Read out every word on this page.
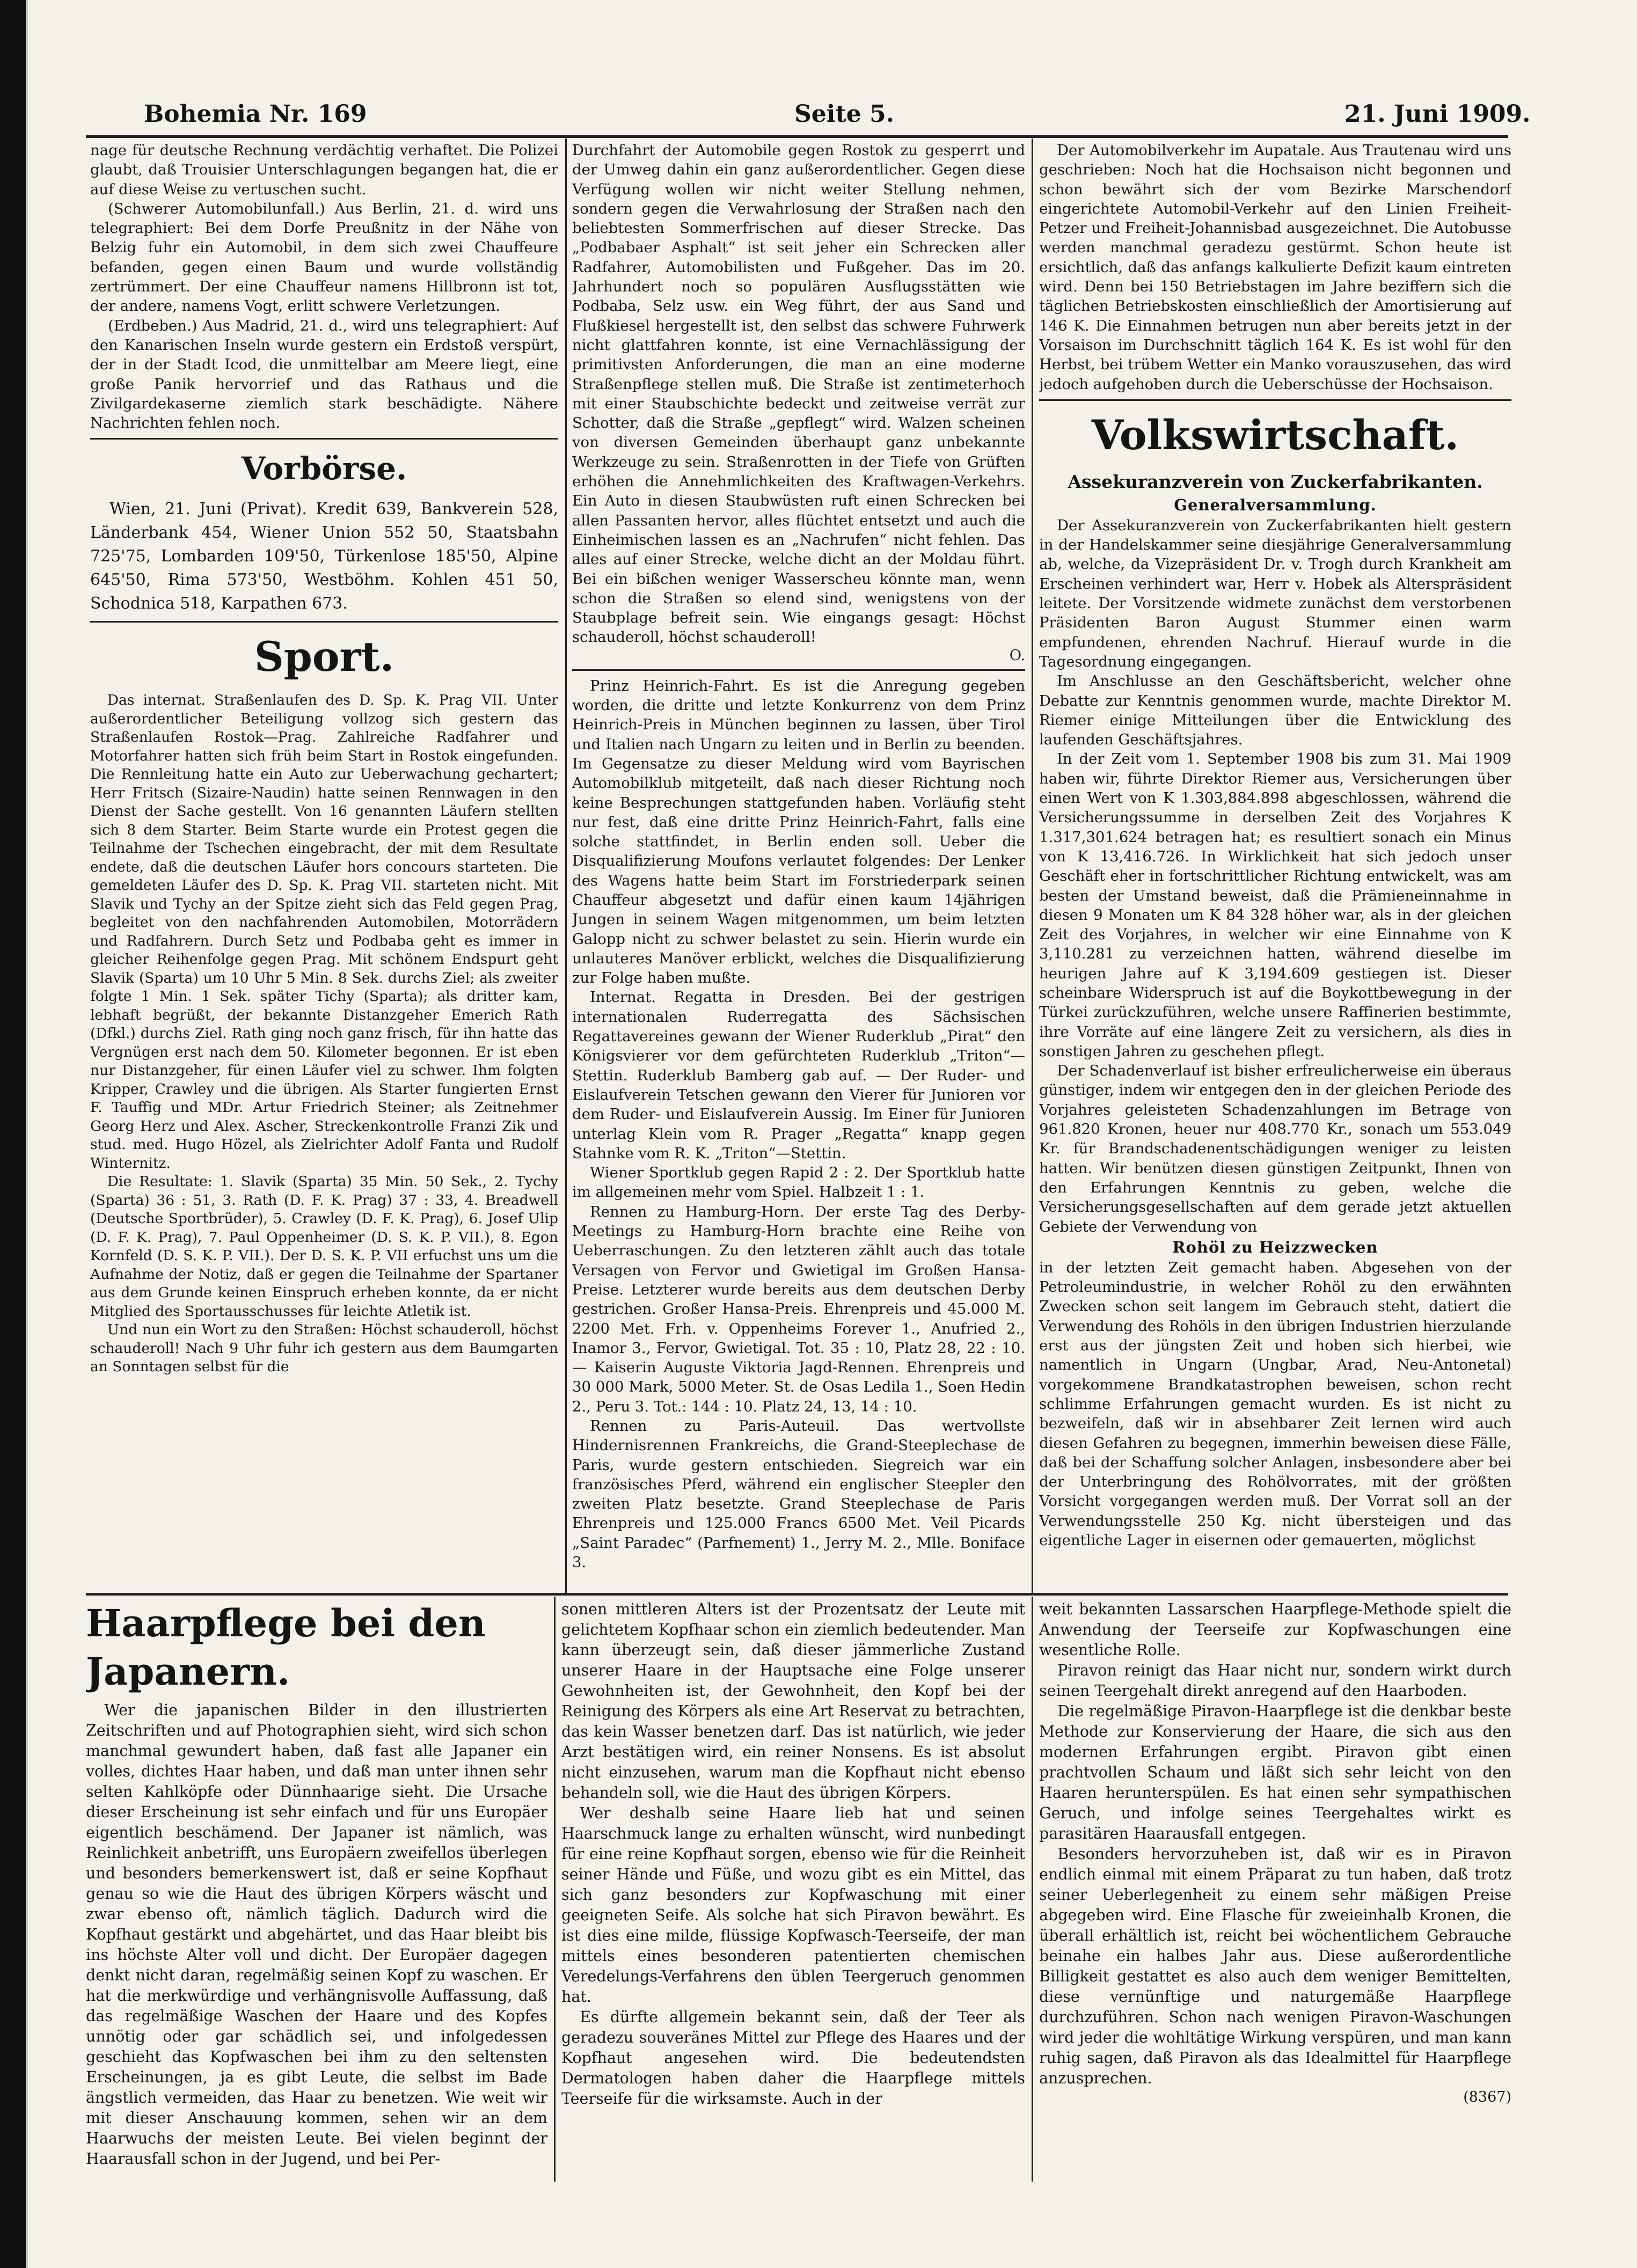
Bohemia Nr. 169	Seite 5.	21. Juni 1909.

nage für deutsche Rechnung verdächtig verhaftet. Die Polizei glaubt, daß Trouisier Unterschlagungen begangen hat, die er auf diese Weise zu vertuschen sucht.

(Schwerer Automobilunfall.) Aus Berlin, 21. d. wird uns telegraphiert: Bei dem Dorfe Preußnitz in der Nähe von Belzig fuhr ein Automobil, in dem sich zwei Chauffeure befanden, gegen einen Baum und wurde vollständig zertrümmert. Der eine Chauffeur namens Hillbronn ist tot, der andere, namens Vogt, erlitt schwere Verletzungen.

(Erdbeben.) Aus Madrid, 21. d., wird uns telegraphiert: Auf den Kanarischen Inseln wurde gestern ein Erdstoß verspürt, der in der Stadt Icod, die unmittelbar am Meere liegt, eine große Panik hervorrief und das Rathaus und die Zivilgardekaserne ziemlich stark beschädigte. Nähere Nachrichten fehlen noch.

Vorbörse.

Wien, 21. Juni (Privat). Kredit 639, Bankverein 528, Länderbank 454, Wiener Union 552 50, Staatsbahn 725'75, Lombarden 109'50, Türkenlose 185'50, Alpine 645'50, Rima 573'50, Westböhm. Kohlen 451 50, Schodnica 518, Karpathen 673.

Sport.

Das internat. Straßenlaufen des D. Sp. K. Prag VII. Unter außerordentlicher Beteiligung vollzog sich gestern das Straßenlaufen Rostok—Prag. Zahlreiche Radfahrer und Motorfahrer hatten sich früh beim Start in Rostok eingefunden. Die Rennleitung hatte ein Auto zur Ueberwachung gechartert; Herr Fritsch (Sizaire-Naudin) hatte seinen Rennwagen in den Dienst der Sache gestellt. Von 16 genannten Läufern stellten sich 8 dem Starter. Beim Starte wurde ein Protest gegen die Teilnahme der Tschechen eingebracht, der mit dem Resultate endete, daß die deutschen Läufer hors concours starteten. Die gemeldeten Läufer des D. Sp. K. Prag VII. starteten nicht. Mit Slavik und Tychy an der Spitze zieht sich das Feld gegen Prag, begleitet von den nachfahrenden Automobilen, Motorrädern und Radfahrern. Durch Setz und Podbaba geht es immer in gleicher Reihenfolge gegen Prag. Mit schönem Endspurt geht Slavik (Sparta) um 10 Uhr 5 Min. 8 Sek. durchs Ziel; als zweiter folgte 1 Min. 1 Sek. später Tichy (Sparta); als dritter kam, lebhaft begrüßt, der bekannte Distanzgeher Emerich Rath (Dfkl.) durchs Ziel. Rath ging noch ganz frisch, für ihn hatte das Vergnügen erst nach dem 50. Kilometer begonnen. Er ist eben nur Distanzgeher, für einen Läufer viel zu schwer. Ihm folgten Kripper, Crawley und die übrigen. Als Starter fungierten Ernst F. Tauffig und MDr. Artur Friedrich Steiner; als Zeitnehmer Georg Herz und Alex. Ascher, Streckenkontrolle Franzi Zik und stud. med. Hugo Hözel, als Zielrichter Adolf Fanta und Rudolf Winternitz.

Die Resultate: 1. Slavik (Sparta) 35 Min. 50 Sek., 2. Tychy (Sparta) 36 : 51, 3. Rath (D. F. K. Prag) 37 : 33, 4. Breadwell (Deutsche Sportbrüder), 5. Crawley (D. F. K. Prag), 6. Josef Ulip (D. F. K. Prag), 7. Paul Oppenheimer (D. S. K. P. VII.), 8. Egon Kornfeld (D. S. K. P. VII.). Der D. S. K. P. VII erfuchst uns um die Aufnahme der Notiz, daß er gegen die Teilnahme der Spartaner aus dem Grunde keinen Einspruch erheben konnte, da er nicht Mitglied des Sportausschusses für leichte Atletik ist.

Und nun ein Wort zu den Straßen: Höchst schauderoll, höchst schauderoll! Nach 9 Uhr fuhr ich gestern aus dem Baumgarten an Sonntagen selbst für die

Durchfahrt der Automobile gegen Rostok zu gesperrt und der Umweg dahin ein ganz außerordentlicher. Gegen diese Verfügung wollen wir nicht weiter Stellung nehmen, sondern gegen die Verwahrlosung der Straßen nach den beliebtesten Sommerfrischen auf dieser Strecke. Das „Podbabaer Asphalt“ ist seit jeher ein Schrecken aller Radfahrer, Automobilisten und Fußgeher. Das im 20. Jahrhundert noch so populären Ausflugsstätten wie Podbaba, Selz usw. ein Weg führt, der aus Sand und Flußkiesel hergestellt ist, den selbst das schwere Fuhrwerk nicht glattfahren konnte, ist eine Vernachlässigung der primitivsten Anforderungen, die man an eine moderne Straßenpflege stellen muß. Die Straße ist zentimeterhoch mit einer Staubschichte bedeckt und zeitweise verrät zur Schotter, daß die Straße „gepflegt“ wird. Walzen scheinen von diversen Gemeinden überhaupt ganz unbekannte Werkzeuge zu sein. Straßenrotten in der Tiefe von Grüften erhöhen die Annehmlichkeiten des Kraftwagen-Verkehrs. Ein Auto in diesen Staubwüsten ruft einen Schrecken bei allen Passanten hervor, alles flüchtet entsetzt und auch die Einheimischen lassen es an „Nachrufen“ nicht fehlen. Das alles auf einer Strecke, welche dicht an der Moldau führt. Bei ein bißchen weniger Wasserscheu könnte man, wenn schon die Straßen so elend sind, wenigstens von der Staubplage befreit sein. Wie eingangs gesagt: Höchst schauderoll, höchst schauderoll!

O.

Prinz Heinrich-Fahrt. Es ist die Anregung gegeben worden, die dritte und letzte Konkurrenz von dem Prinz Heinrich-Preis in München beginnen zu lassen, über Tirol und Italien nach Ungarn zu leiten und in Berlin zu beenden. Im Gegensatze zu dieser Meldung wird vom Bayrischen Automobilklub mitgeteilt, daß nach dieser Richtung noch keine Besprechungen stattgefunden haben. Vorläufig steht nur fest, daß eine dritte Prinz Heinrich-Fahrt, falls eine solche stattfindet, in Berlin enden soll. Ueber die Disqualifizierung Moufons verlautet folgendes: Der Lenker des Wagens hatte beim Start im Forstriederpark seinen Chauffeur abgesetzt und dafür einen kaum 14jährigen Jungen in seinem Wagen mitgenommen, um beim letzten Galopp nicht zu schwer belastet zu sein. Hierin wurde ein unlauteres Manöver erblickt, welches die Disqualifizierung zur Folge haben mußte.

Internat. Regatta in Dresden. Bei der gestrigen internationalen Ruderregatta des Sächsischen Regattavereines gewann der Wiener Ruderklub „Pirat“ den Königsvierer vor dem gefürchteten Ruderklub „Triton“—Stettin. Ruderklub Bamberg gab auf. — Der Ruder- und Eislaufverein Tetschen gewann den Vierer für Junioren vor dem Ruder- und Eislaufverein Aussig. Im Einer für Junioren unterlag Klein vom R. Prager „Regatta“ knapp gegen Stahnke vom R. K. „Triton“—Stettin.

Wiener Sportklub gegen Rapid 2 : 2. Der Sportklub hatte im allgemeinen mehr vom Spiel. Halbzeit 1 : 1.

Rennen zu Hamburg-Horn. Der erste Tag des Derby-Meetings zu Hamburg-Horn brachte eine Reihe von Ueberraschungen. Zu den letzteren zählt auch das totale Versagen von Fervor und Gwietigal im Großen Hansa-Preise. Letzterer wurde bereits aus dem deutschen Derby gestrichen. Großer Hansa-Preis. Ehrenpreis und 45.000 M. 2200 Met. Frh. v. Oppenheims Forever 1., Anufried 2., Inamor 3., Fervor, Gwietigal. Tot. 35 : 10, Platz 28, 22 : 10. — Kaiserin Auguste Viktoria Jagd-Rennen. Ehrenpreis und 30 000 Mark, 5000 Meter. St. de Osas Ledila 1., Soen Hedin 2., Peru 3. Tot.: 144 : 10. Platz 24, 13, 14 : 10.

Rennen zu Paris-Auteuil. Das wertvollste Hindernisrennen Frankreichs, die Grand-Steeplechase de Paris, wurde gestern entschieden. Siegreich war ein französisches Pferd, während ein englischer Steepler den zweiten Platz besetzte. Grand Steeplechase de Paris Ehrenpreis und 125.000 Francs 6500 Met. Veil Picards „Saint Paradec“ (Parfnement) 1., Jerry M. 2., Mlle. Boniface 3.

Der Automobilverkehr im Aupatale. Aus Trautenau wird uns geschrieben: Noch hat die Hochsaison nicht begonnen und schon bewährt sich der vom Bezirke Marschendorf eingerichtete Automobil-Verkehr auf den Linien Freiheit-Petzer und Freiheit-Johannisbad ausgezeichnet. Die Autobusse werden manchmal geradezu gestürmt. Schon heute ist ersichtlich, daß das anfangs kalkulierte Defizit kaum eintreten wird. Denn bei 150 Betriebstagen im Jahre beziffern sich die täglichen Betriebskosten einschließlich der Amortisierung auf 146 K. Die Einnahmen betrugen nun aber bereits jetzt in der Vorsaison im Durchschnitt täglich 164 K. Es ist wohl für den Herbst, bei trübem Wetter ein Manko vorauszusehen, das wird jedoch aufgehoben durch die Ueberschüsse der Hochsaison.

Volkswirtschaft.
Assekuranzverein von Zuckerfabrikanten.
Generalversammlung.

Der Assekuranzverein von Zuckerfabrikanten hielt gestern in der Handelskammer seine diesjährige Generalversammlung ab, welche, da Vizepräsident Dr. v. Trogh durch Krankheit am Erscheinen verhindert war, Herr v. Hobek als Alterspräsident leitete. Der Vorsitzende widmete zunächst dem verstorbenen Präsidenten Baron August Stummer einen warm empfundenen, ehrenden Nachruf. Hierauf wurde in die Tagesordnung eingegangen.

Im Anschlusse an den Geschäftsbericht, welcher ohne Debatte zur Kenntnis genommen wurde, machte Direktor M. Riemer einige Mitteilungen über die Entwicklung des laufenden Geschäftsjahres.

In der Zeit vom 1. September 1908 bis zum 31. Mai 1909 haben wir, führte Direktor Riemer aus, Versicherungen über einen Wert von K 1.303,884.898 abgeschlossen, während die Versicherungssumme in derselben Zeit des Vorjahres K 1.317,301.624 betragen hat; es resultiert sonach ein Minus von K 13,416.726. In Wirklichkeit hat sich jedoch unser Geschäft eher in fortschrittlicher Richtung entwickelt, was am besten der Umstand beweist, daß die Prämieneinnahme in diesen 9 Monaten um K 84 328 höher war, als in der gleichen Zeit des Vorjahres, in welcher wir eine Einnahme von K 3,110.281 zu verzeichnen hatten, während dieselbe im heurigen Jahre auf K 3,194.609 gestiegen ist. Dieser scheinbare Widerspruch ist auf die Boykottbewegung in der Türkei zurückzuführen, welche unsere Raffinerien bestimmte, ihre Vorräte auf eine längere Zeit zu versichern, als dies in sonstigen Jahren zu geschehen pflegt.

Der Schadenverlauf ist bisher erfreulicherweise ein überaus günstiger, indem wir entgegen den in der gleichen Periode des Vorjahres geleisteten Schadenzahlungen im Betrage von 961.820 Kronen, heuer nur 408.770 Kr., sonach um 553.049 Kr. für Brandschadenentschädigungen weniger zu leisten hatten. Wir benützen diesen günstigen Zeitpunkt, Ihnen von den Erfahrungen Kenntnis zu geben, welche die Versicherungsgesellschaften auf dem gerade jetzt aktuellen Gebiete der Verwendung von

Rohöl zu Heizzwecken

in der letzten Zeit gemacht haben. Abgesehen von der Petroleumindustrie, in welcher Rohöl zu den erwähnten Zwecken schon seit langem im Gebrauch steht, datiert die Verwendung des Rohöls in den übrigen Industrien hierzulande erst aus der jüngsten Zeit und hoben sich hierbei, wie namentlich in Ungarn (Ungbar, Arad, Neu-Antonetal) vorgekommene Brandkatastrophen beweisen, schon recht schlimme Erfahrungen gemacht wurden. Es ist nicht zu bezweifeln, daß wir in absehbarer Zeit lernen wird auch diesen Gefahren zu begegnen, immerhin beweisen diese Fälle, daß bei der Schaffung solcher Anlagen, insbesondere aber bei der Unterbringung des Rohölvorrates, mit der größten Vorsicht vorgegangen werden muß. Der Vorrat soll an der Verwendungsstelle 250 Kg. nicht übersteigen und das eigentliche Lager in eisernen oder gemauerten, möglichst

Haarpflege bei den Japanern.

Wer die japanischen Bilder in den illustrierten Zeitschriften und auf Photographien sieht, wird sich schon manchmal gewundert haben, daß fast alle Japaner ein volles, dichtes Haar haben, und daß man unter ihnen sehr selten Kahlköpfe oder Dünnhaarige sieht. Die Ursache dieser Erscheinung ist sehr einfach und für uns Europäer eigentlich beschämend. Der Japaner ist nämlich, was Reinlichkeit anbetrifft, uns Europäern zweifellos überlegen und besonders bemerkenswert ist, daß er seine Kopfhaut genau so wie die Haut des übrigen Körpers wäscht und zwar ebenso oft, nämlich täglich. Dadurch wird die Kopfhaut gestärkt und abgehärtet, und das Haar bleibt bis ins höchste Alter voll und dicht. Der Europäer dagegen denkt nicht daran, regelmäßig seinen Kopf zu waschen. Er hat die merkwürdige und verhängnisvolle Auffassung, daß das regelmäßige Waschen der Haare und des Kopfes unnötig oder gar schädlich sei, und infolgedessen geschieht das Kopfwaschen bei ihm zu den seltensten Erscheinungen, ja es gibt Leute, die selbst im Bade ängstlich vermeiden, das Haar zu benetzen. Wie weit wir mit dieser Anschauung kommen, sehen wir an dem Haarwuchs der meisten Leute. Bei vielen beginnt der Haarausfall schon in der Jugend, und bei Per-

sonen mittleren Alters ist der Prozentsatz der Leute mit gelichtetem Kopfhaar schon ein ziemlich bedeutender. Man kann überzeugt sein, daß dieser jämmerliche Zustand unserer Haare in der Hauptsache eine Folge unserer Gewohnheiten ist, der Gewohnheit, den Kopf bei der Reinigung des Körpers als eine Art Reservat zu betrachten, das kein Wasser benetzen darf. Das ist natürlich, wie jeder Arzt bestätigen wird, ein reiner Nonsens. Es ist absolut nicht einzusehen, warum man die Kopfhaut nicht ebenso behandeln soll, wie die Haut des übrigen Körpers.

Wer deshalb seine Haare lieb hat und seinen Haarschmuck lange zu erhalten wünscht, wird nunbedingt für eine reine Kopfhaut sorgen, ebenso wie für die Reinheit seiner Hände und Füße, und wozu gibt es ein Mittel, das sich ganz besonders zur Kopfwaschung mit einer geeigneten Seife. Als solche hat sich Piravon bewährt. Es ist dies eine milde, flüssige Kopfwasch-Teerseife, der man mittels eines besonderen patentierten chemischen Veredelungs-Verfahrens den üblen Teergeruch genommen hat.

Es dürfte allgemein bekannt sein, daß der Teer als geradezu souveränes Mittel zur Pflege des Haares und der Kopfhaut angesehen wird. Die bedeutendsten Dermatologen haben daher die Haarpflege mittels Teerseife für die wirksamste. Auch in der

weit bekannten Lassarschen Haarpflege-Methode spielt die Anwendung der Teerseife zur Kopfwaschungen eine wesentliche Rolle.

Piravon reinigt das Haar nicht nur, sondern wirkt durch seinen Teergehalt direkt anregend auf den Haarboden.

Die regelmäßige Piravon-Haarpflege ist die denkbar beste Methode zur Konservierung der Haare, die sich aus den modernen Erfahrungen ergibt. Piravon gibt einen prachtvollen Schaum und läßt sich sehr leicht von den Haaren herunterspülen. Es hat einen sehr sympathischen Geruch, und infolge seines Teergehaltes wirkt es parasitären Haarausfall entgegen.

Besonders hervorzuheben ist, daß wir es in Piravon endlich einmal mit einem Präparat zu tun haben, daß trotz seiner Ueberlegenheit zu einem sehr mäßigen Preise abgegeben wird. Eine Flasche für zweieinhalb Kronen, die überall erhältlich ist, reicht bei wöchentlichem Gebrauche beinahe ein halbes Jahr aus. Diese außerordentliche Billigkeit gestattet es also auch dem weniger Bemittelten, diese vernünftige und naturgemäße Haarpflege durchzuführen. Schon nach wenigen Piravon-Waschungen wird jeder die wohltätige Wirkung verspüren, und man kann ruhig sagen, daß Piravon als das Idealmittel für Haarpflege anzusprechen.

(8367)
